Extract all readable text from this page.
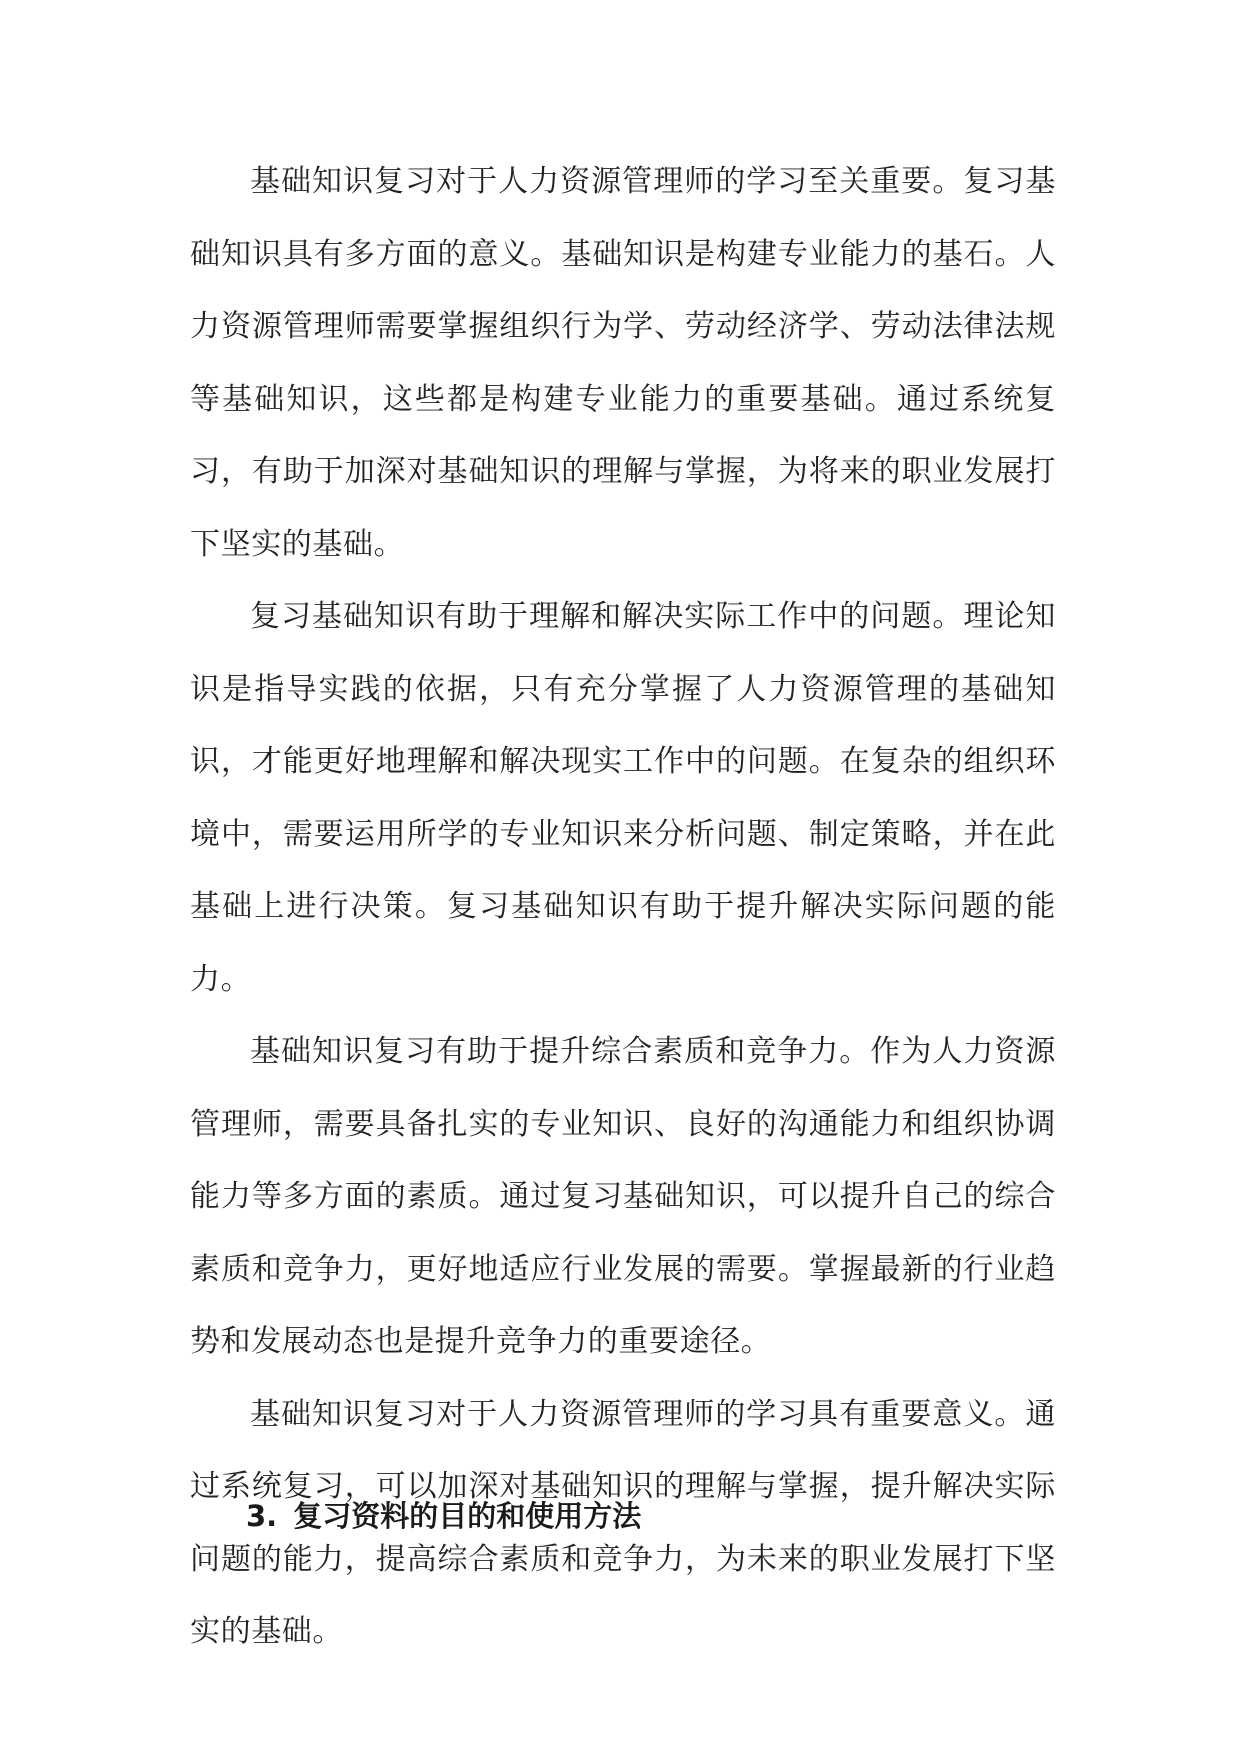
基础知识复习对于人力资源管理师的学习至关重要。复习基础知识具有多方面的意义。基础知识是构建专业能力的基石。人力资源管理师需要掌握组织行为学、劳动经济学、劳动法律法规等基础知识，这些都是构建专业能力的重要基础。通过系统复习，有助于加深对基础知识的理解与掌握，为将来的职业发展打下坚实的基础。

复习基础知识有助于理解和解决实际工作中的问题。理论知识是指导实践的依据，只有充分掌握了人力资源管理的基础知识，才能更好地理解和解决现实工作中的问题。在复杂的组织环境中，需要运用所学的专业知识来分析问题、制定策略，并在此基础上进行决策。复习基础知识有助于提升解决实际问题的能力。

基础知识复习有助于提升综合素质和竞争力。作为人力资源管理师，需要具备扎实的专业知识、良好的沟通能力和组织协调能力等多方面的素质。通过复习基础知识，可以提升自己的综合素质和竞争力，更好地适应行业发展的需要。掌握最新的行业趋势和发展动态也是提升竞争力的重要途径。

基础知识复习对于人力资源管理师的学习具有重要意义。通过系统复习，可以加深对基础知识的理解与掌握，提升解决实际问题的能力，提高综合素质和竞争力，为未来的职业发展打下坚实的基础。

3. 复习资料的目的和使用方法
